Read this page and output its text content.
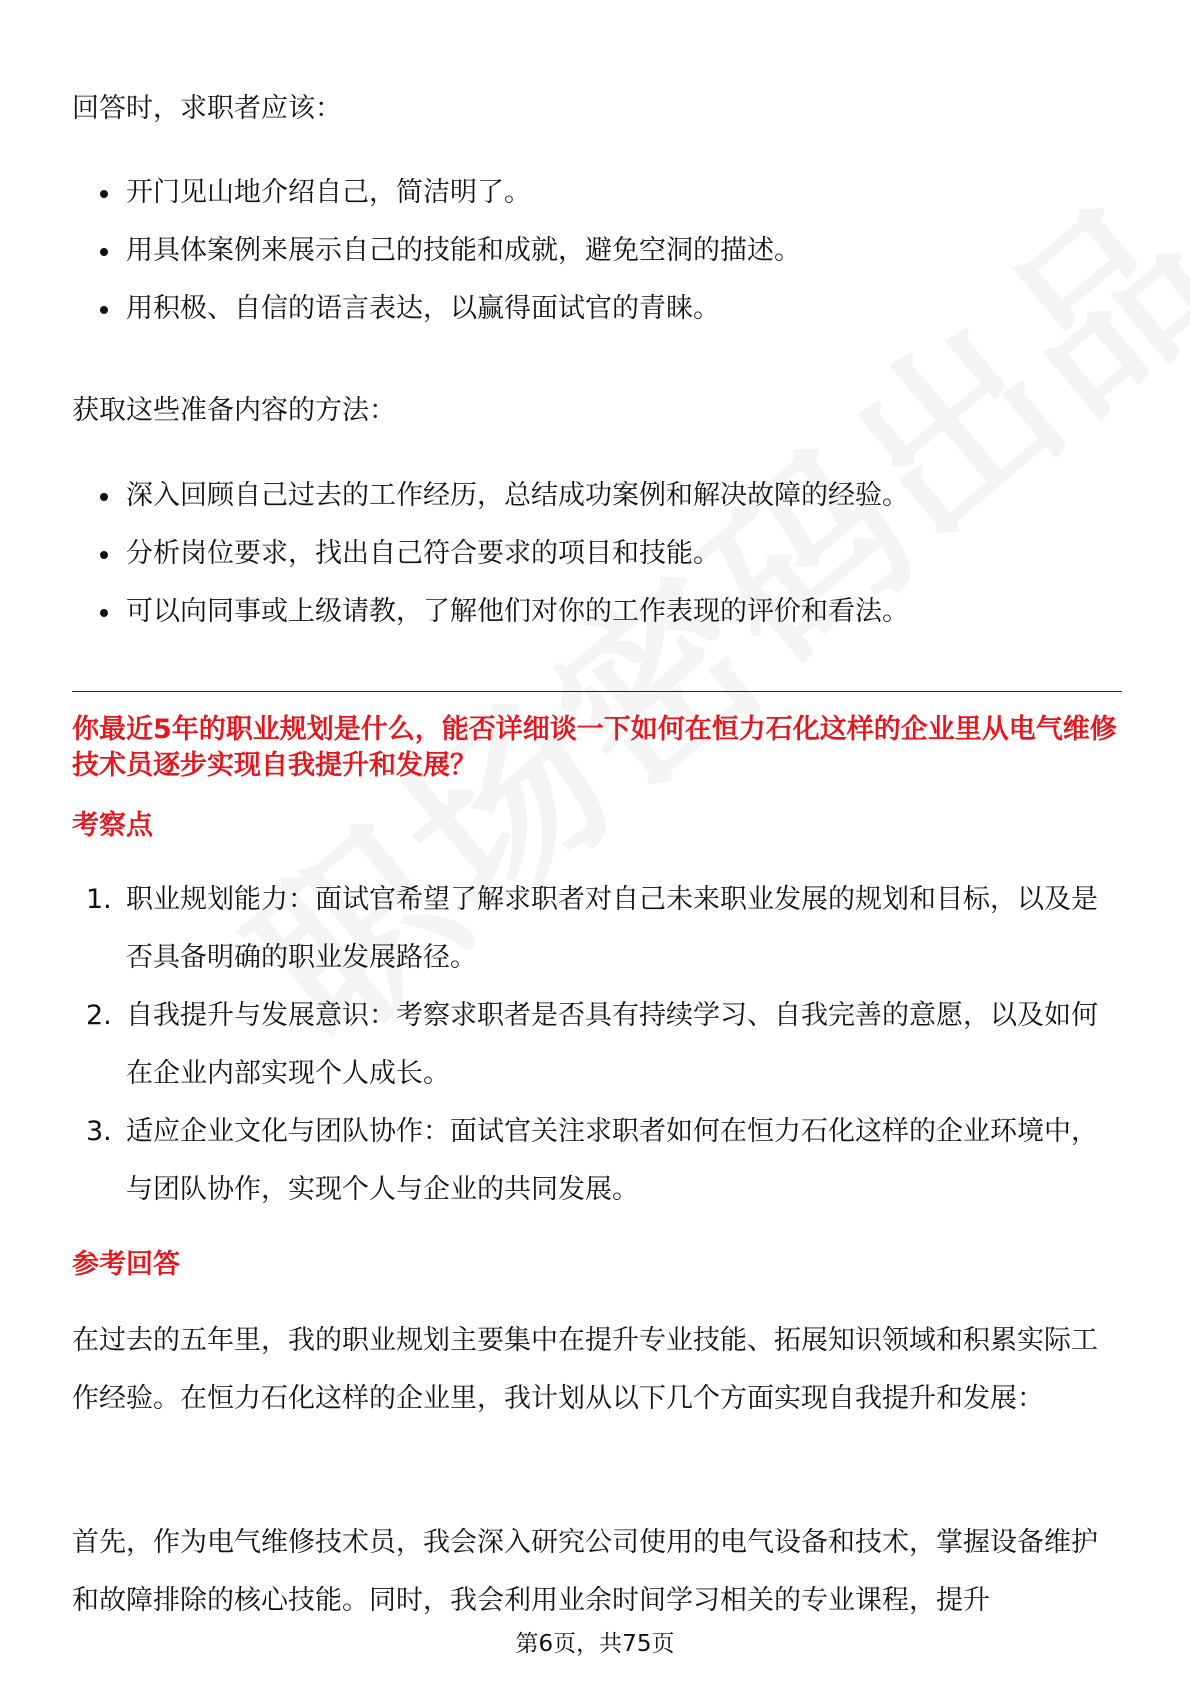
回答时，求职者应该：

开门见山地介绍自己，简洁明了。
用具体案例来展示自己的技能和成就，避免空洞的描述。
用积极、自信的语言表达，以赢得面试官的青睐。

获取这些准备内容的方法：

深入回顾自己过去的工作经历，总结成功案例和解决故障的经验。
分析岗位要求，找出自己符合要求的项目和技能。
可以向同事或上级请教，了解他们对你的工作表现的评价和看法。

你最近5年的职业规划是什么，能否详细谈一下如何在恒力石化这样的企业里从电气维修技术员逐步实现自我提升和发展？

考察点

1. 职业规划能力：面试官希望了解求职者对自己未来职业发展的规划和目标，以及是否具备明确的职业发展路径。
2. 自我提升与发展意识：考察求职者是否具有持续学习、自我完善的意愿，以及如何在企业内部实现个人成长。
3. 适应企业文化与团队协作：面试官关注求职者如何在恒力石化这样的企业环境中，与团队协作，实现个人与企业的共同发展。

参考回答

在过去的五年里，我的职业规划主要集中在提升专业技能、拓展知识领域和积累实际工作经验。在恒力石化这样的企业里，我计划从以下几个方面实现自我提升和发展：

首先，作为电气维修技术员，我会深入研究公司使用的电气设备和技术，掌握设备维护和故障排除的核心技能。同时，我会利用业余时间学习相关的专业课程，提升

第6页，共75页
